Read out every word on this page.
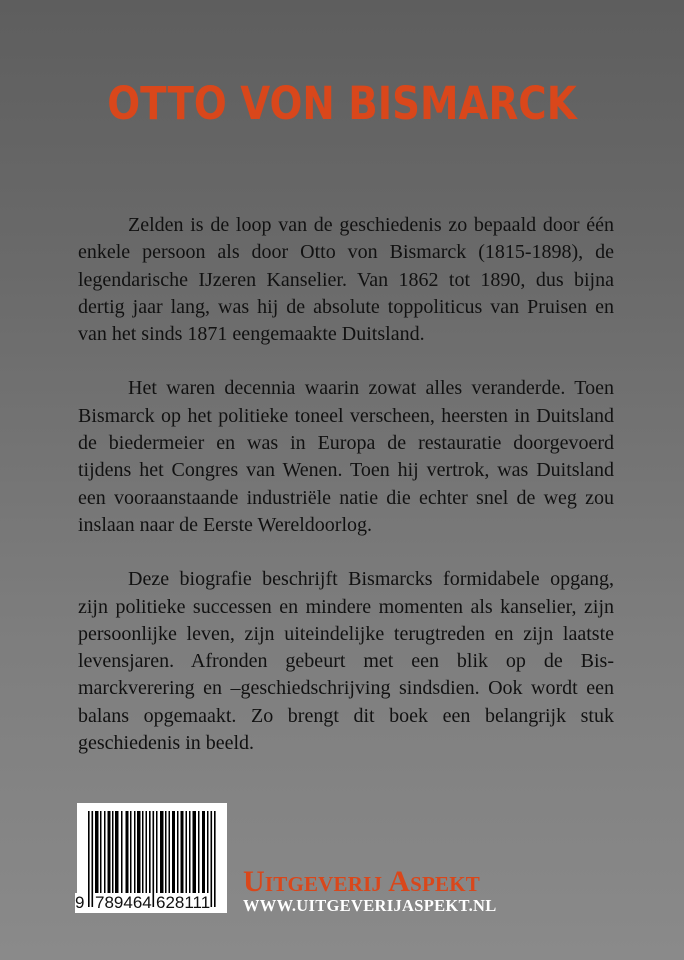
OTTO VON BISMARCK

Zelden is de loop van de geschiedenis zo bepaald door één enkele persoon als door Otto von Bismarck (1815-1898), de legendarische IJzeren Kanselier. Van 1862 tot 1890, dus bijna dertig jaar lang, was hij de absolute toppoliticus van Pruisen en van het sinds 1871 eengemaakte Duitsland.

Het waren decennia waarin zowat alles veranderde. Toen Bismarck op het politieke toneel verscheen, heersten in Duitsland de biedermeier en was in Europa de restauratie doorgevoerd tijdens het Congres van Wenen. Toen hij vertrok, was Duitsland een vooraanstaande industriële natie die echter snel de weg zou inslaan naar de Eerste Wereldoorlog.

Deze biografie beschrijft Bismarcks formidabele opgang, zijn politieke successen en mindere momenten als kanselier, zijn persoonlijke leven, zijn uiteindelijke terugtreden en zijn laatste levensjaren. Afronden gebeurt met een blik op de Bismarckverering en –geschiedschrijving sindsdien. Ook wordt een balans opgemaakt. Zo brengt dit boek een belangrijk stuk geschiedenis in beeld.

9 789464 628111
Uitgeverij Aspekt
WWW.UITGEVERIJASPEKT.NL
